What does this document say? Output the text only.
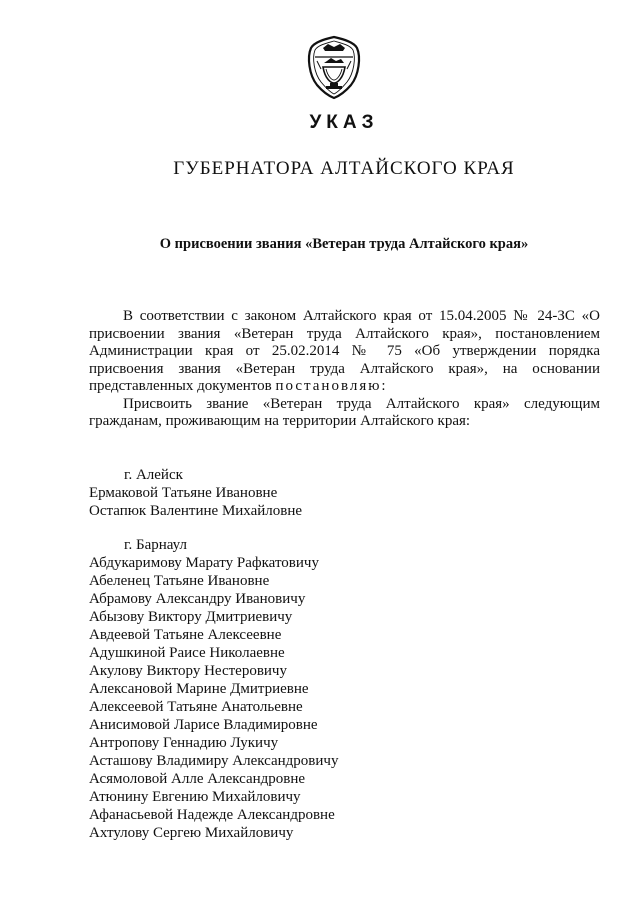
УКАЗ
ГУБЕРНАТОРА АЛТАЙСКОГО КРАЯ
О присвоении звания «Ветеран труда Алтайского края»

В соответствии с законом Алтайского края от 15.04.2005 № 24-ЗС «О присвоении звания «Ветеран труда Алтайского края», постановлением Администрации края от 25.02.2014 № 75 «Об утверждении порядка присвоения звания «Ветеран труда Алтайского края», на основании представленных документов постановляю:

Присвоить звание «Ветеран труда Алтайского края» следующим гражданам, проживающим на территории Алтайского края:

г. Алейск
Ермаковой Татьяне Ивановне
Остапюк Валентине Михайловне
г. Барнаул
Абдукаримову Марату Рафкатовичу
Абеленец Татьяне Ивановне
Абрамову Александру Ивановичу
Абызову Виктору Дмитриевичу
Авдеевой Татьяне Алексеевне
Адушкиной Раисе Николаевне
Акулову Виктору Нестеровичу
Алексановой Марине Дмитриевне
Алексеевой Татьяне Анатольевне
Анисимовой Ларисе Владимировне
Антропову Геннадию Лукичу
Асташову Владимиру Александровичу
Асямоловой Алле Александровне
Атюнину Евгению Михайловичу
Афанасьевой Надежде Александровне
Ахтулову Сергею Михайловичу
